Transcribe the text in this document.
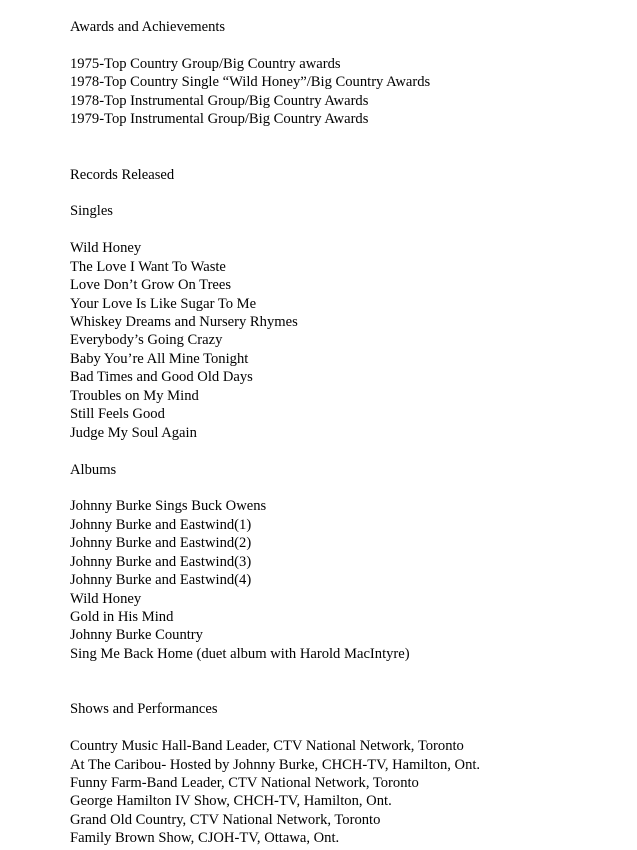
Awards and Achievements
1975-Top Country Group/Big Country awards
1978-Top Country Single “Wild Honey”/Big Country Awards
1978-Top Instrumental Group/Big Country Awards
1979-Top Instrumental Group/Big Country Awards
Records Released
Singles
Wild Honey
The Love I Want To Waste
Love Don’t Grow On Trees
Your Love Is Like Sugar To Me
Whiskey Dreams and Nursery Rhymes
Everybody’s Going Crazy
Baby You’re All Mine Tonight
Bad Times and Good Old Days
Troubles on My Mind
Still Feels Good
Judge My Soul Again
Albums
Johnny Burke Sings Buck Owens
Johnny Burke and Eastwind(1)
Johnny Burke and Eastwind(2)
Johnny Burke and Eastwind(3)
Johnny Burke and Eastwind(4)
Wild Honey
Gold in His Mind
Johnny Burke Country
Sing Me Back Home (duet album with Harold MacIntyre)
Shows and Performances
Country Music Hall-Band Leader, CTV National Network, Toronto
At The Caribou- Hosted by Johnny Burke, CHCH-TV, Hamilton, Ont.
Funny Farm-Band Leader, CTV National Network, Toronto
George Hamilton IV Show, CHCH-TV, Hamilton, Ont.
Grand Old Country, CTV National Network, Toronto
Family Brown Show, CJOH-TV, Ottawa, Ont.
